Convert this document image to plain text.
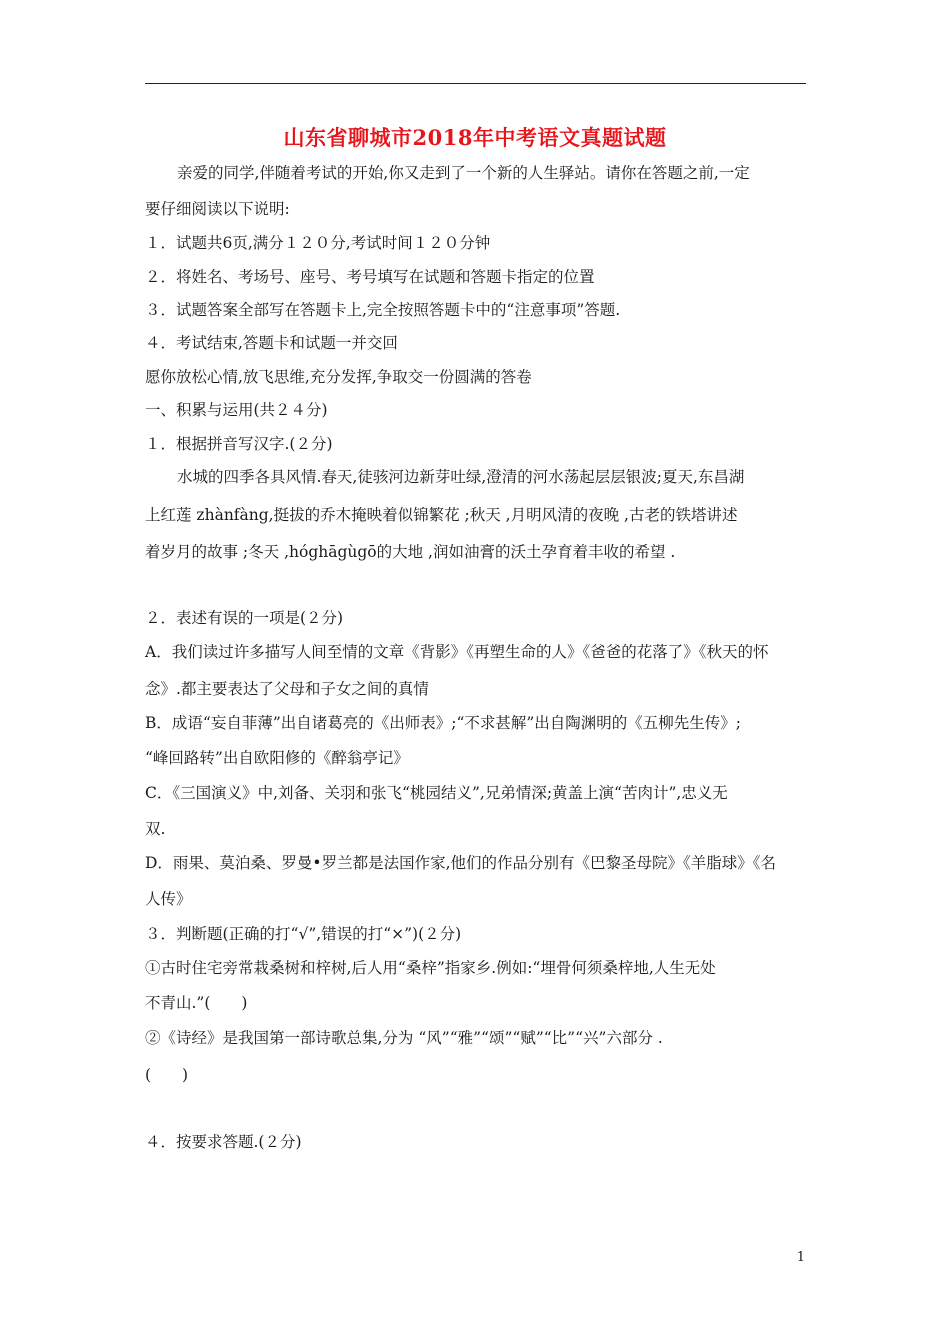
山东省聊城市2018年中考语文真题试题
亲爱的同学,伴随着考试的开始,你又走到了一个新的人生驿站。请你在答题之前,一定
要仔细阅读以下说明:
１．试题共6页,满分１２０分,考试时间１２０分钟
２．将姓名、考场号、座号、考号填写在试题和答题卡指定的位置
３．试题答案全部写在答题卡上,完全按照答题卡中的“注意事项”答题.
４．考试结束,答题卡和试题一并交回
愿你放松心情,放飞思维,充分发挥,争取交一份圆满的答卷
一、积累与运用(共２４分)
１．根据拼音写汉字.(２分)
水城的四季各具风情.春天,徒骇河边新芽吐绿,澄清的河水荡起层层银波;夏天,东昌湖
上红莲 zhànfàng,挺拔的乔木掩映着似锦繁花 ;秋天 ,月明风清的夜晚 ,古老的铁塔讲述
着岁月的故事 ;冬天 ,hóghāgùgō的大地 ,润如油膏的沃土孕育着丰收的希望 .
２．表述有误的一项是(２分)
A．我们读过许多描写人间至情的文章《背影》《再塑生命的人》《爸爸的花落了》《秋天的怀
念》.都主要表达了父母和子女之间的真情
B．成语“妄自菲薄”出自诸葛亮的《出师表》;“不求甚解”出自陶渊明的《五柳先生传》;
“峰回路转”出自欧阳修的《醉翁亭记》
C．《三国演义》中,刘备、关羽和张飞“桃园结义”,兄弟情深;黄盖上演“苦肉计”,忠义无
双.
D．雨果、莫泊桑、罗曼•罗兰都是法国作家,他们的作品分别有《巴黎圣母院》《羊脂球》《名
人传》
３．判断题(正确的打“√”,错误的打“×”)(２分)
①古时住宅旁常栽桑树和梓树,后人用“桑梓”指家乡.例如:“埋骨何须桑梓地,人生无处
不青山.”(　　)
②《诗经》是我国第一部诗歌总集,分为 “风”“雅”“颂”“赋”“比”“兴”六部分 .
(　　)
４．按要求答题.(２分)
1
